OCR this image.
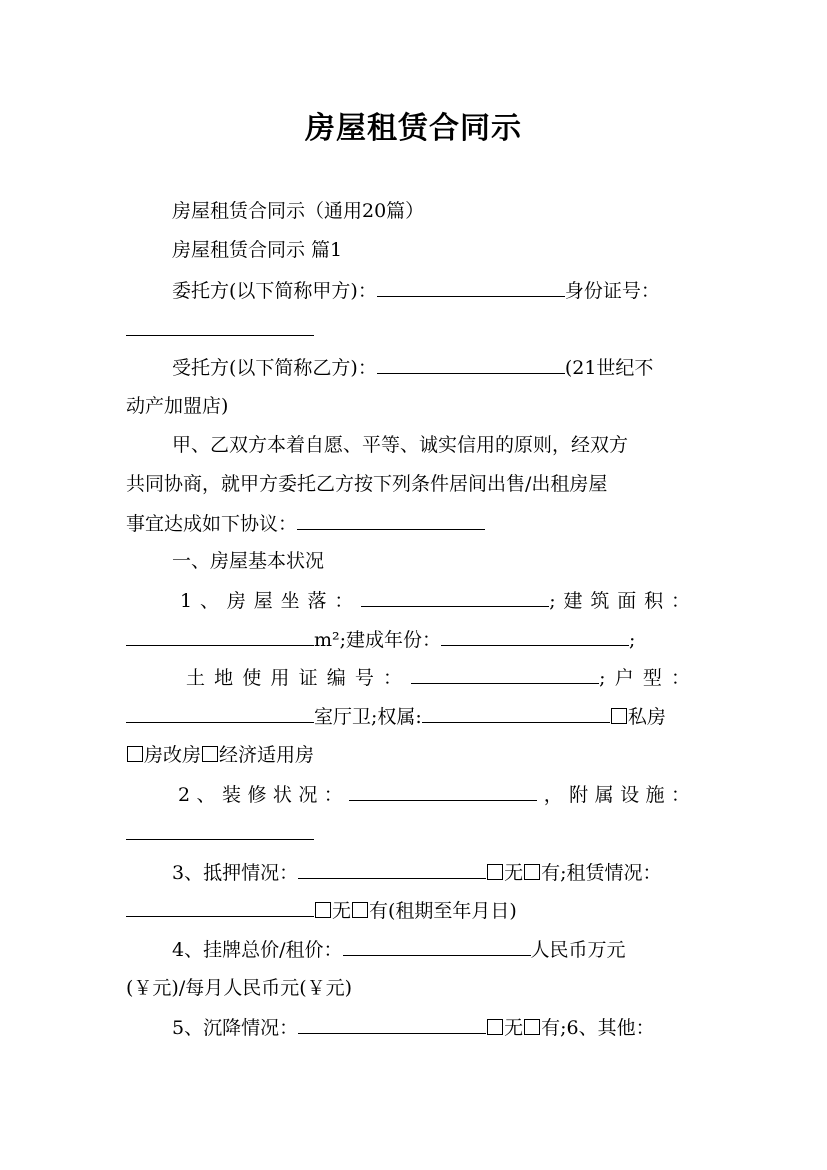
房屋租赁合同示
房屋租赁合同示（通用20篇）
房屋租赁合同示 篇1
委托方(以下简称甲方)：	身份证号：
受托方(以下简称乙方)：	(21世纪不
动产加盟店)
甲、乙双方本着自愿、平等、诚实信用的原则，经双方
共同协商，就甲方委托乙方按下列条件居间出售/出租房屋
事宜达成如下协议：
一、房屋基本状况
1、房屋坐落：	;建筑面积：
m²;建成年份：	;
土地使用证编号：	;户型：
室厅卫;权属:	私房
房改房 经济适用房
2、装修状况：	，附属设施：
3、抵押情况：	无 有;租赁情况：
无 有(租期至年月日)
4、挂牌总价/租价：	人民币万元
(￥元)/每月人民币元(￥元)
5、沉降情况：	无 有;6、其他：
